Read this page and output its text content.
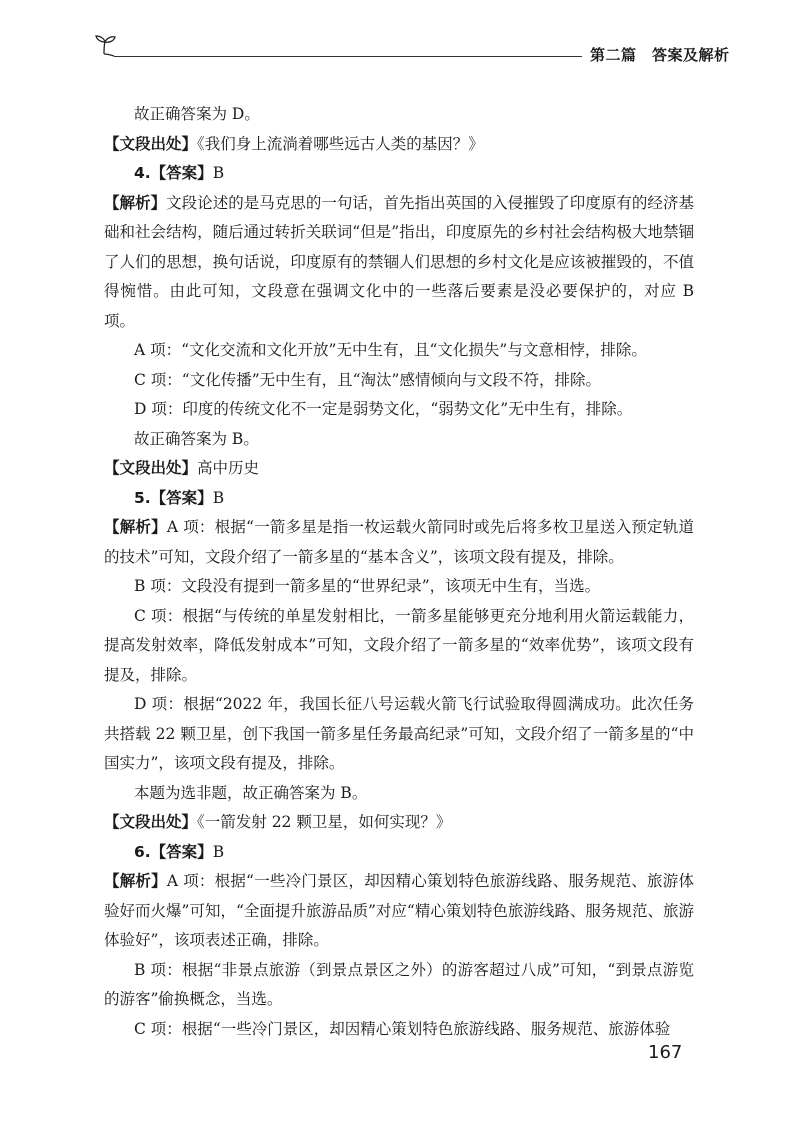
第二篇　答案及解析

故正确答案为 D。

【文段出处】《我们身上流淌着哪些远古人类的基因？》

4.【答案】B

【解析】文段论述的是马克思的一句话，首先指出英国的入侵摧毁了印度原有的经济基础和社会结构，随后通过转折关联词“但是”指出，印度原先的乡村社会结构极大地禁锢了人们的思想，换句话说，印度原有的禁锢人们思想的乡村文化是应该被摧毁的，不值得惋惜。由此可知，文段意在强调文化中的一些落后要素是没必要保护的，对应 B 项。

A 项：“文化交流和文化开放”无中生有，且“文化损失”与文意相悖，排除。

C 项：“文化传播”无中生有，且“淘汰”感情倾向与文段不符，排除。

D 项：印度的传统文化不一定是弱势文化，“弱势文化”无中生有，排除。

故正确答案为 B。

【文段出处】高中历史

5.【答案】B

【解析】A 项：根据“一箭多星是指一枚运载火箭同时或先后将多枚卫星送入预定轨道的技术”可知，文段介绍了一箭多星的“基本含义”，该项文段有提及，排除。

B 项：文段没有提到一箭多星的“世界纪录”，该项无中生有，当选。

C 项：根据“与传统的单星发射相比，一箭多星能够更充分地利用火箭运载能力，提高发射效率，降低发射成本”可知，文段介绍了一箭多星的“效率优势”，该项文段有提及，排除。

D 项：根据“2022 年，我国长征八号运载火箭飞行试验取得圆满成功。此次任务共搭载 22 颗卫星，创下我国一箭多星任务最高纪录”可知，文段介绍了一箭多星的“中国实力”，该项文段有提及，排除。

本题为选非题，故正确答案为 B。

【文段出处】《一箭发射 22 颗卫星，如何实现？》

6.【答案】B

【解析】A 项：根据“一些冷门景区，却因精心策划特色旅游线路、服务规范、旅游体验好而火爆”可知，“全面提升旅游品质”对应“精心策划特色旅游线路、服务规范、旅游体验好”，该项表述正确，排除。

B 项：根据“非景点旅游（到景点景区之外）的游客超过八成”可知，“到景点游览的游客”偷换概念，当选。

C 项：根据“一些冷门景区，却因精心策划特色旅游线路、服务规范、旅游体验

167
